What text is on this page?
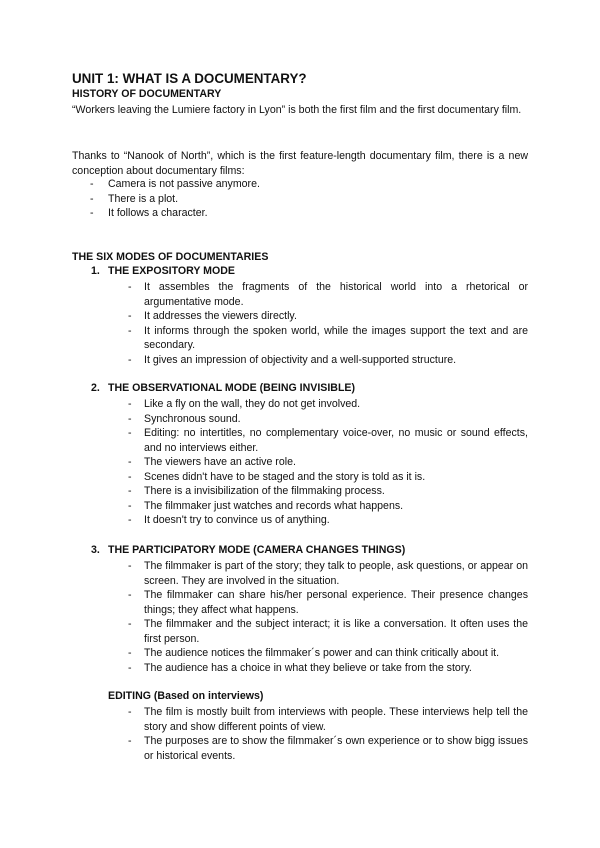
UNIT 1: WHAT IS A DOCUMENTARY?
HISTORY OF DOCUMENTARY
“Workers leaving the Lumiere factory in Lyon” is both the first film and the first documentary film.
Thanks to “Nanook of North”, which is the first feature-length documentary film, there is a new conception about documentary films:
- Camera is not passive anymore.
- There is a plot.
- It follows a character.
THE SIX MODES OF DOCUMENTARIES
1. THE EXPOSITORY MODE
- It assembles the fragments of the historical world into a rhetorical or argumentative mode.
- It addresses the viewers directly.
- It informs through the spoken world, while the images support the text and are secondary.
- It gives an impression of objectivity and a well-supported structure.
2. THE OBSERVATIONAL MODE (BEING INVISIBLE)
- Like a fly on the wall, they do not get involved.
- Synchronous sound.
- Editing: no intertitles, no complementary voice-over, no music or sound effects, and no interviews either.
- The viewers have an active role.
- Scenes didn't have to be staged and the story is told as it is.
- There is a invisibilization of the filmmaking process.
- The filmmaker just watches and records what happens.
- It doesn't try to convince us of anything.
3. THE PARTICIPATORY MODE (CAMERA CHANGES THINGS)
- The filmmaker is part of the story; they talk to people, ask questions, or appear on screen. They are involved in the situation.
- The filmmaker can share his/her personal experience. Their presence changes things; they affect what happens.
- The filmmaker and the subject interact; it is like a conversation. It often uses the first person.
- The audience notices the filmmaker´s power and can think critically about it.
- The audience has a choice in what they believe or take from the story.
EDITING (Based on interviews)
- The film is mostly built from interviews with people. These interviews help tell the story and show different points of view.
- The purposes are to show the filmmaker´s own experience or to show bigg issues or historical events.
